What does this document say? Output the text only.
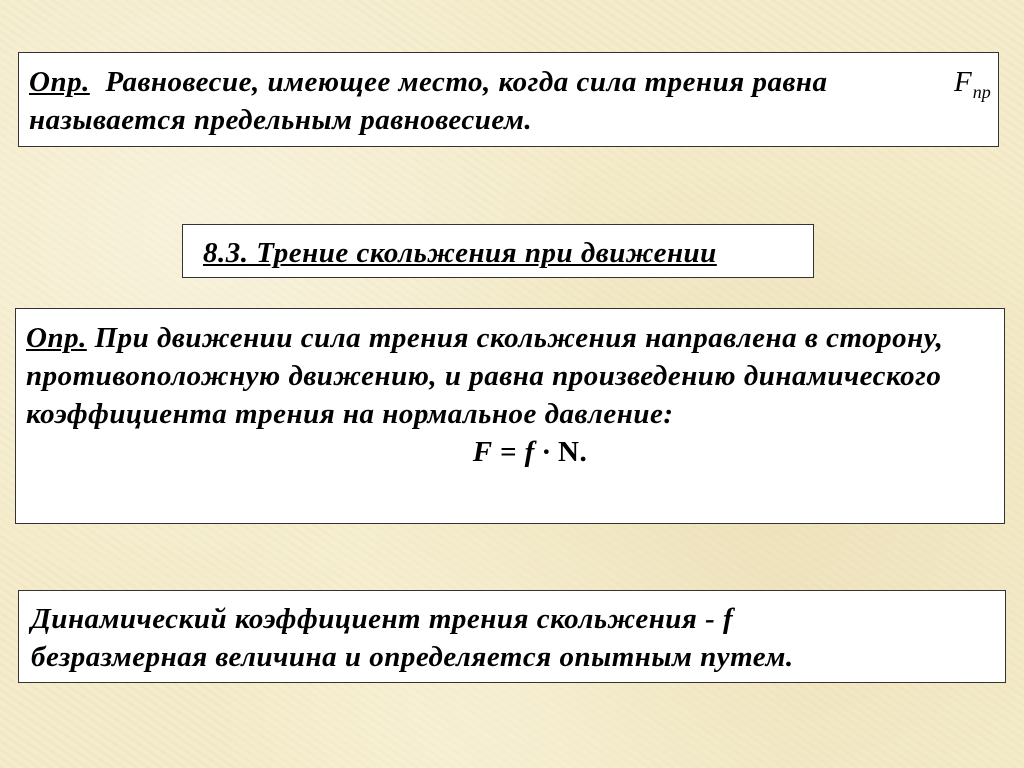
Опр. Равновесие, имеющее место, когда сила трения равна	$F_{пр}$
называется предельным равновесием.
8.3. Трение скольжения при движении
Опр. При движении сила трения скольжения направлена в сторону, противоположную движению, и равна произведению динамического коэффициента трения на нормальное давление:
F = f · N.
Динамический коэффициент трения скольжения - f
безразмерная величина и определяется опытным путем.
